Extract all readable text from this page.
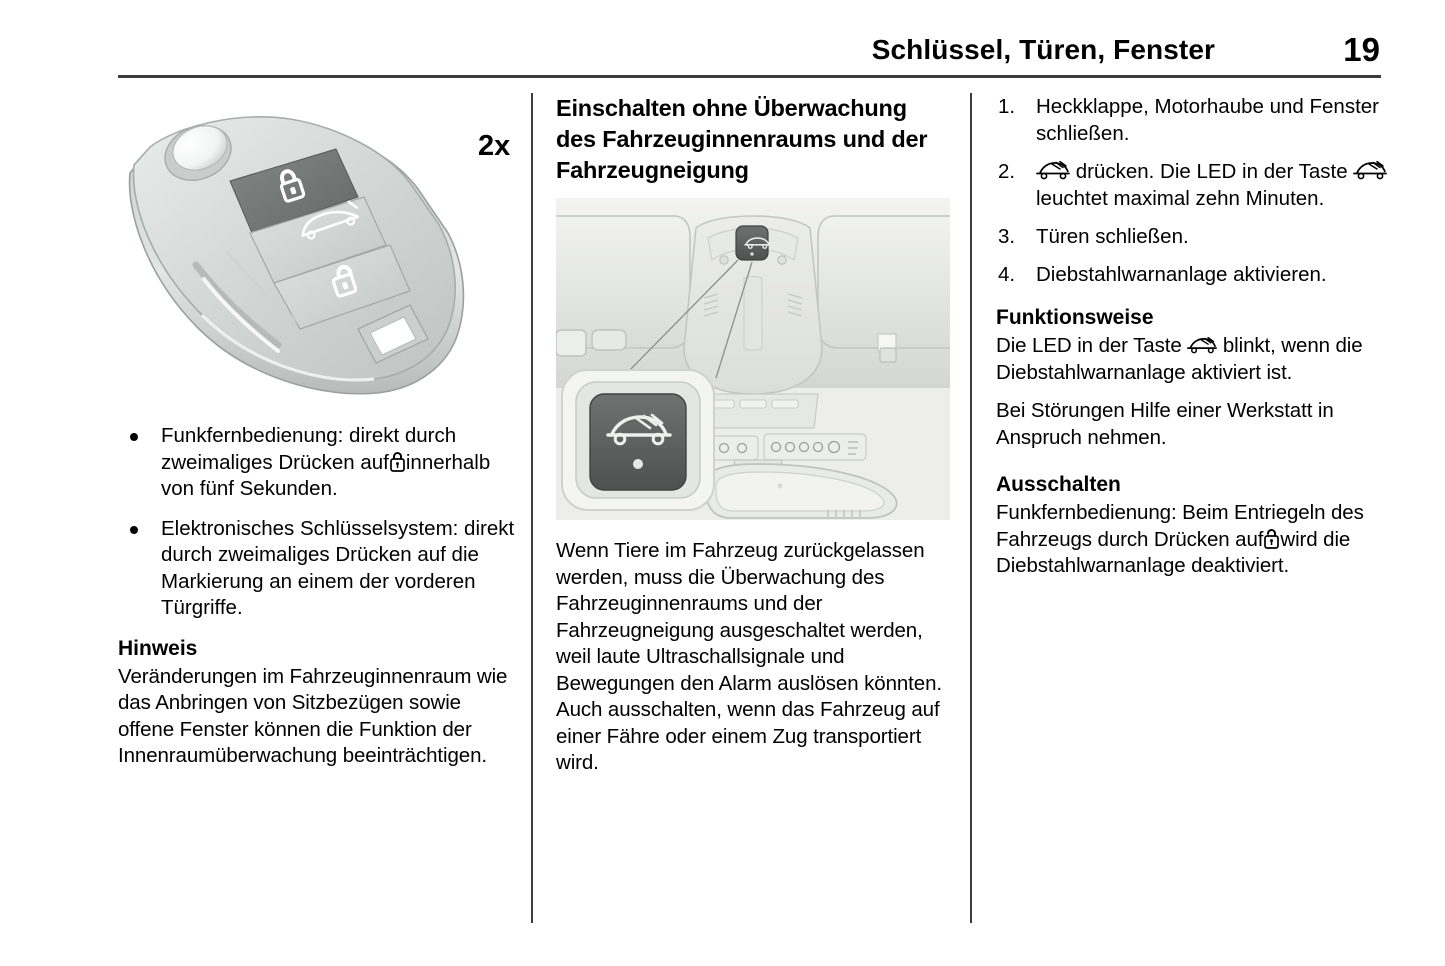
Schlüssel, Türen, Fenster	19
2x
Funkfernbedienung: direkt durch zweimaliges Drücken auf innerhalb von fünf Sekunden.
Elektronisches Schlüsselsystem: direkt durch zweimaliges Drücken auf die Markierung an einem der vorderen Türgriffe.
Hinweis

Veränderungen im Fahrzeuginnenraum wie das Anbringen von Sitzbezügen sowie offene Fenster können die Funktion der Innenraumüberwachung beeinträchtigen.

Einschalten ohne Überwachung des Fahrzeuginnenraums und der Fahrzeugneigung

Wenn Tiere im Fahrzeug zurückgelassen werden, muss die Überwachung des Fahrzeuginnenraums und der Fahrzeugneigung ausgeschaltet werden, weil laute Ultraschallsignale und Bewegungen den Alarm auslösen könnten. Auch ausschalten, wenn das Fahrzeug auf einer Fähre oder einem Zug transportiert wird.

1. Heckklappe, Motorhaube und Fenster schließen.
2.	drücken. Die LED in der Taste  leuchtet maximal zehn Minuten.
3. Türen schließen.
4. Diebstahlwarnanlage aktivieren.
Funktionsweise

Die LED in der Taste blinkt, wenn die Diebstahlwarnanlage aktiviert ist.

Bei Störungen Hilfe einer Werkstatt in Anspruch nehmen.

Ausschalten

Funkfernbedienung: Beim Entriegeln des Fahrzeugs durch Drücken auf wird die Diebstahlwarnanlage deaktiviert.
